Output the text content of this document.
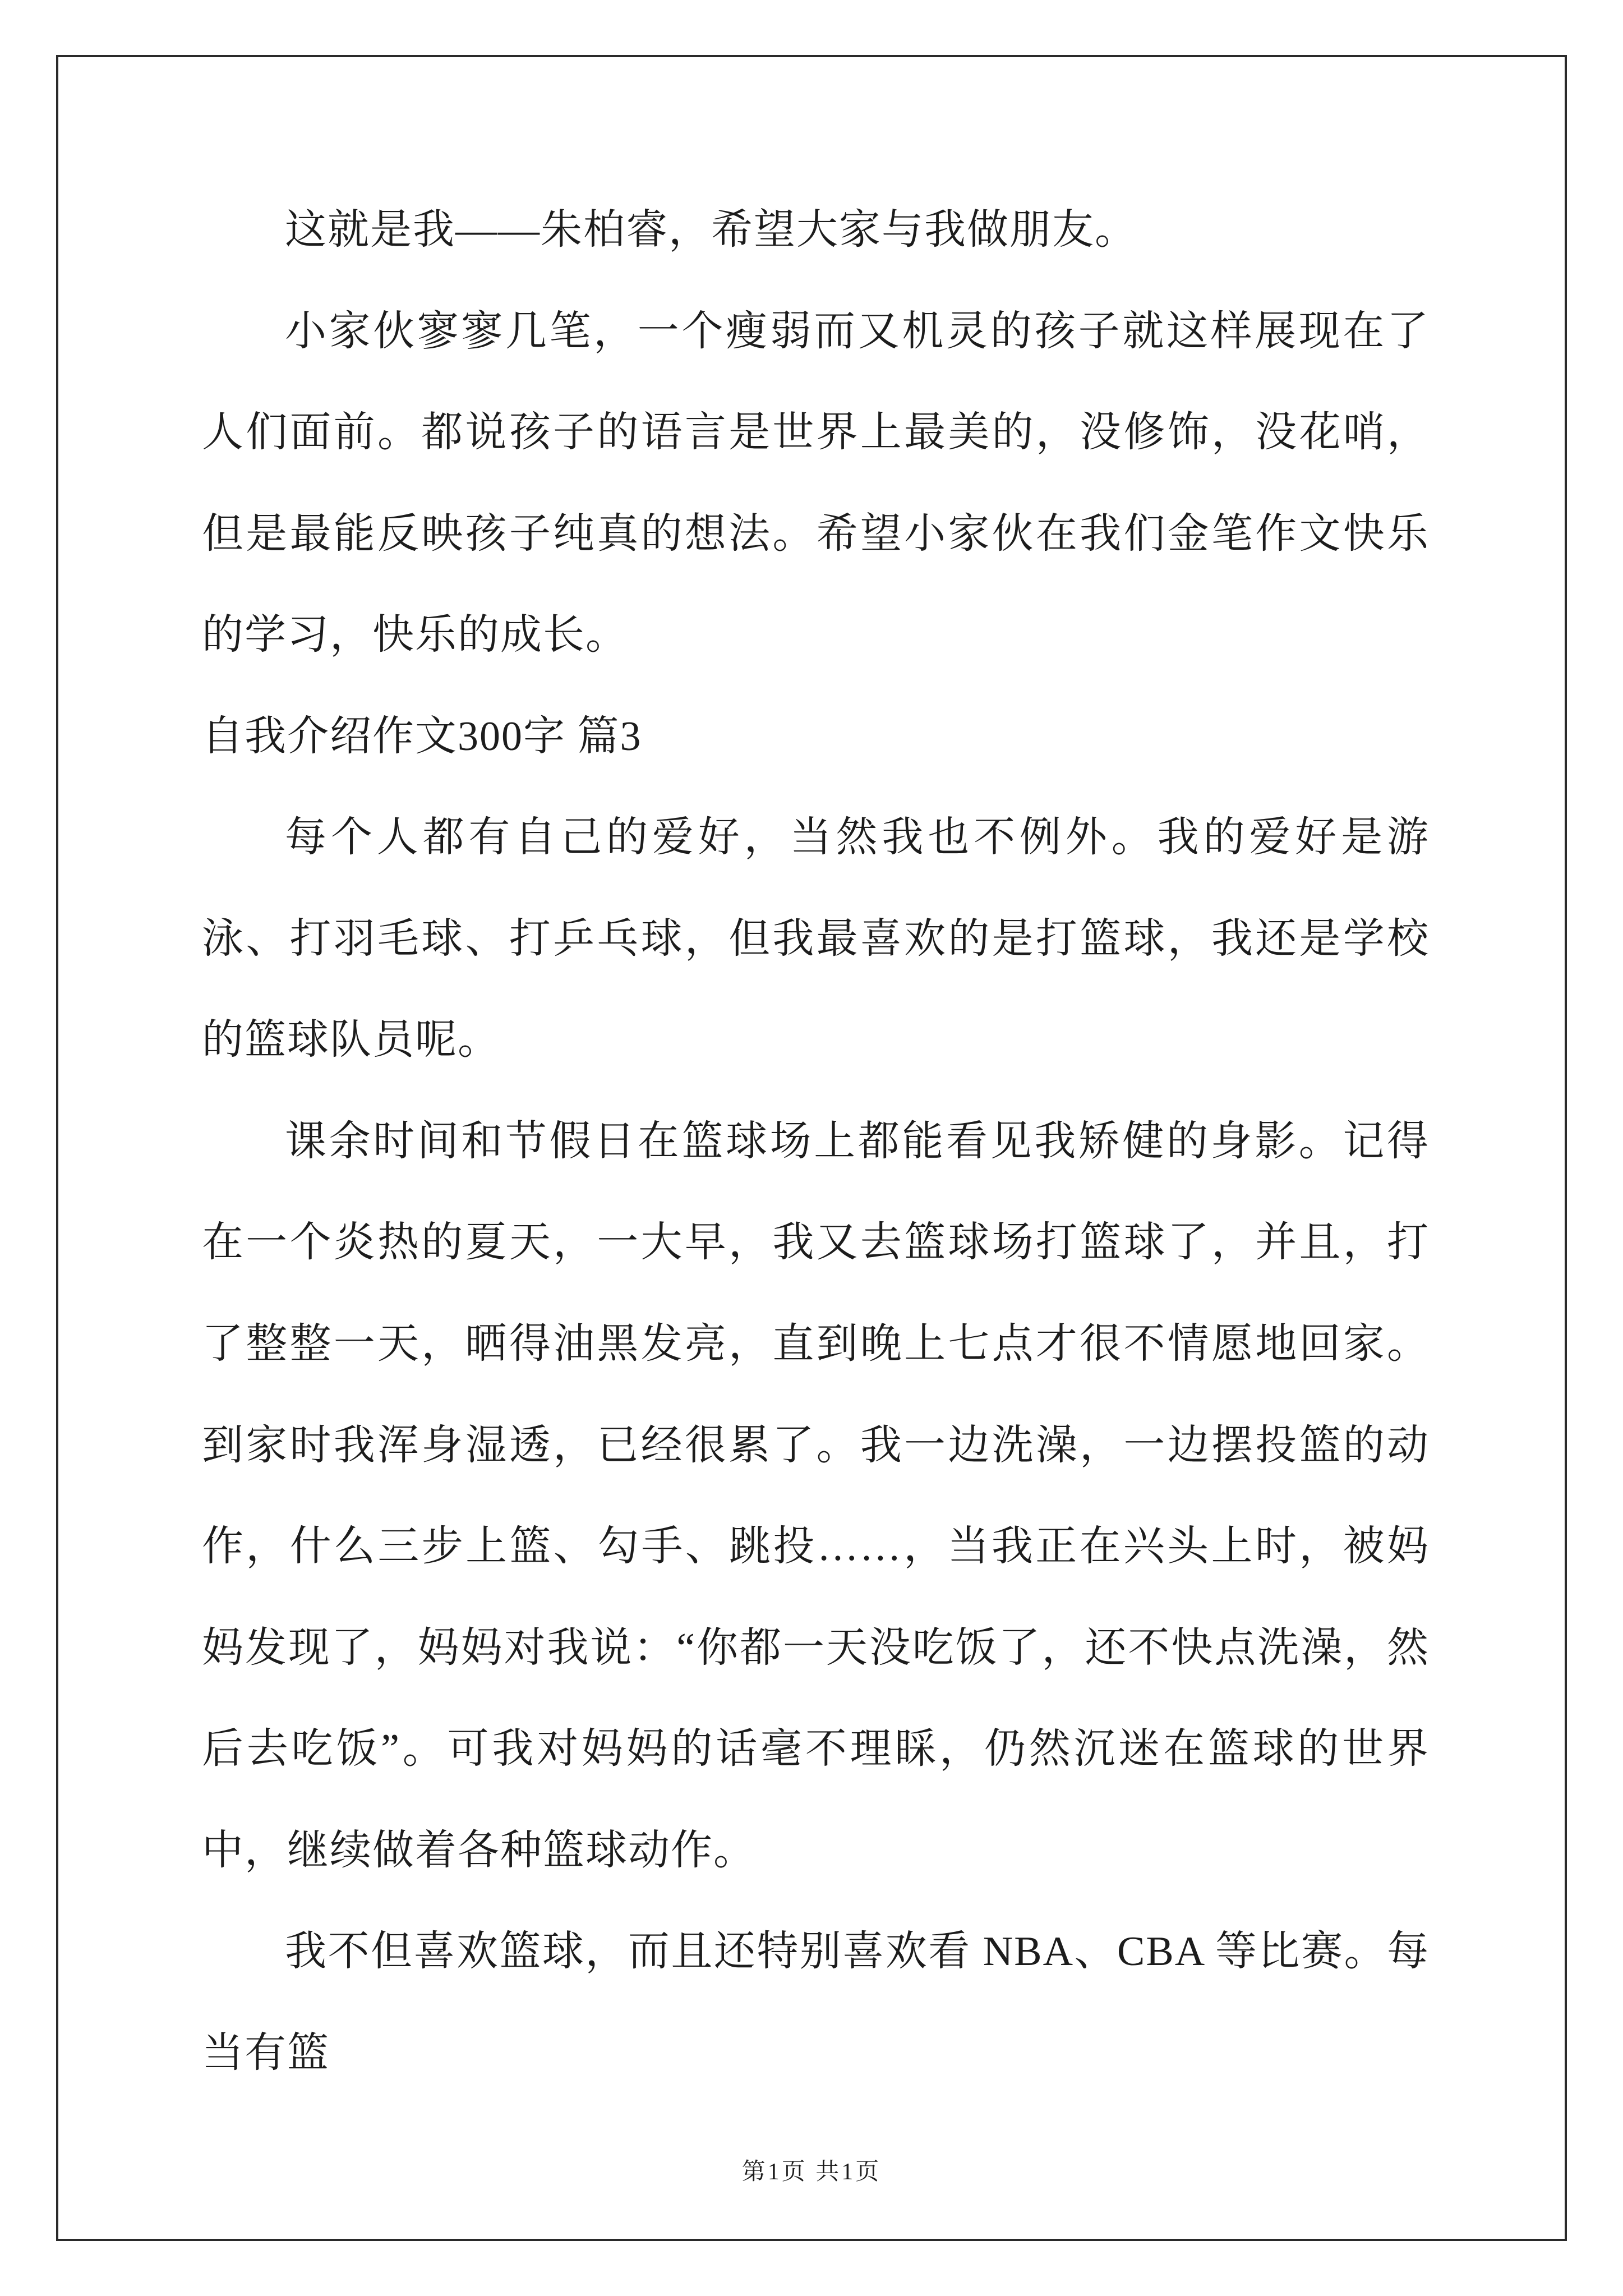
这就是我——朱柏睿，希望大家与我做朋友。

小家伙寥寥几笔，一个瘦弱而又机灵的孩子就这样展现在了人们面前。都说孩子的语言是世界上最美的，没修饰，没花哨，但是最能反映孩子纯真的想法。希望小家伙在我们金笔作文快乐的学习，快乐的成长。

自我介绍作文300字 篇3

每个人都有自己的爱好，当然我也不例外。我的爱好是游泳、打羽毛球、打乒乓球，但我最喜欢的是打篮球，我还是学校的篮球队员呢。

课余时间和节假日在篮球场上都能看见我矫健的身影。记得在一个炎热的夏天，一大早，我又去篮球场打篮球了，并且，打了整整一天，晒得油黑发亮，直到晚上七点才很不情愿地回家。到家时我浑身湿透，已经很累了。我一边洗澡，一边摆投篮的动作，什么三步上篮、勾手、跳投……，当我正在兴头上时，被妈妈发现了，妈妈对我说：“你都一天没吃饭了，还不快点洗澡，然后去吃饭”。可我对妈妈的话毫不理睬，仍然沉迷在篮球的世界中，继续做着各种篮球动作。

我不但喜欢篮球，而且还特别喜欢看 NBA、CBA 等比赛。每当有篮

第1页 共1页
